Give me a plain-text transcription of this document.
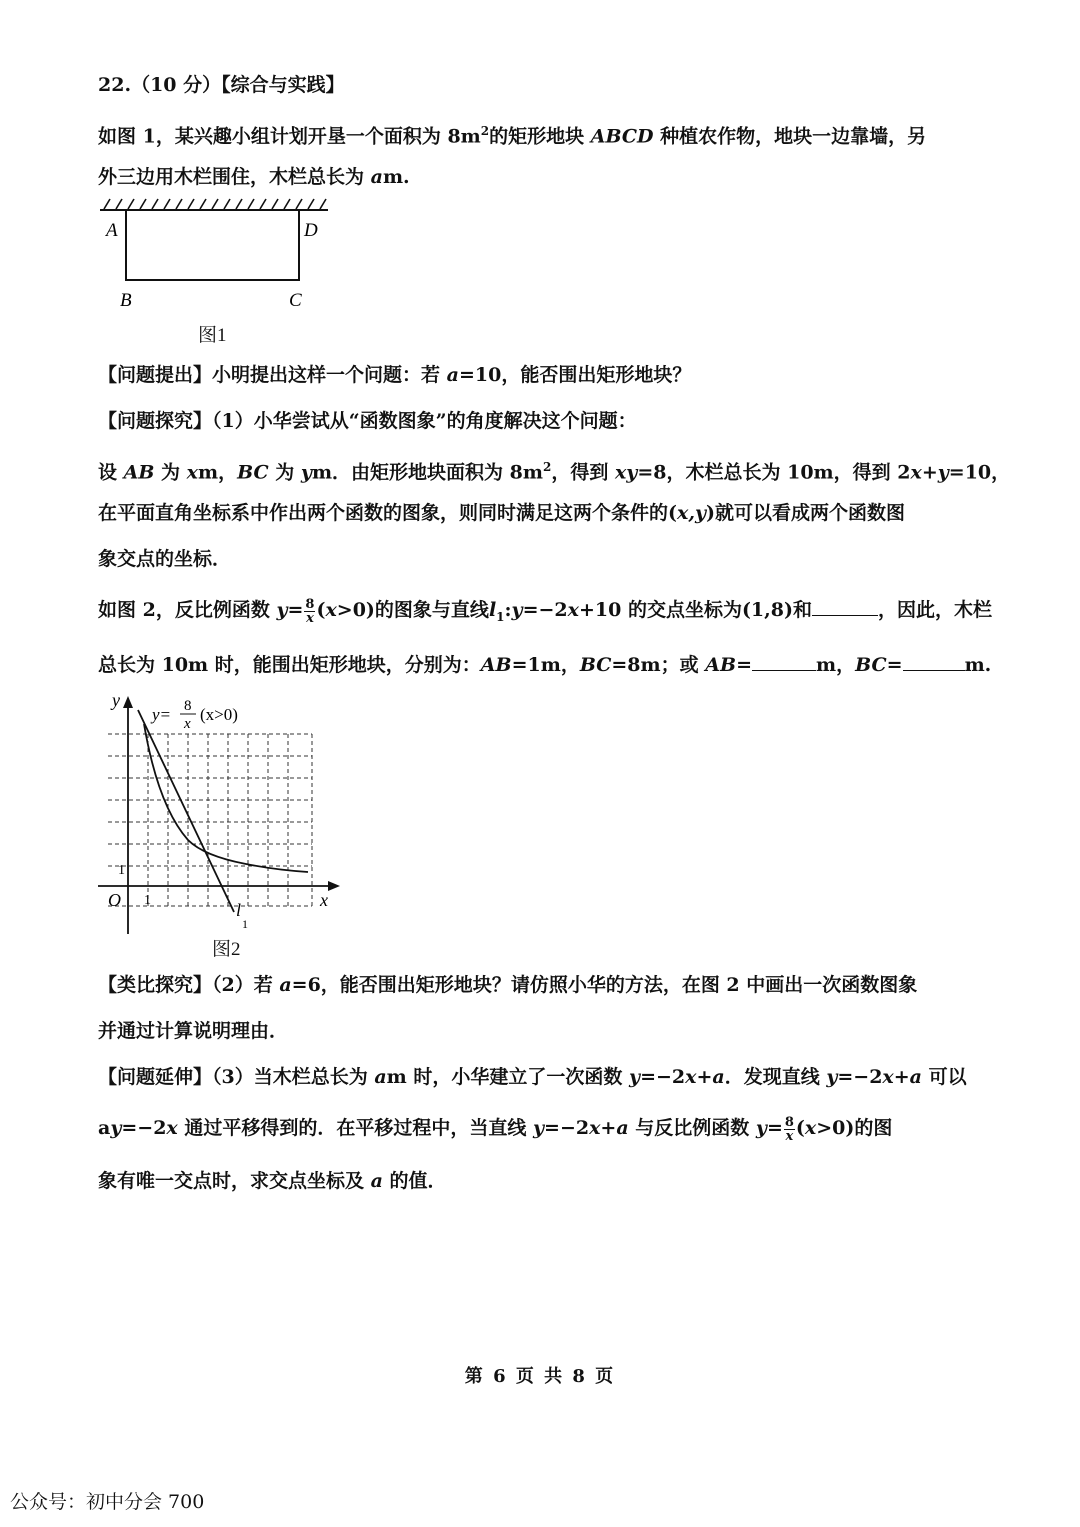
22.（10 分）【综合与实践】
如图 1，某兴趣小组计划开垦一个面积为 $8m^2$的矩形地块 ABCD 种植农作物，地块一边靠墙，另
外三边用木栏围住，木栏总长为 am.
A	D
B	C
图1
【问题提出】小明提出这样一个问题：若 a=10，能否围出矩形地块？
【问题探究】（1）小华尝试从“函数图象”的角度解决这个问题：
设 AB 为 xm，BC 为 ym．由矩形地块面积为 $8m^2$，得到 xy=8，木栏总长为 10m，得到 2x+y=10，
在平面直角坐标系中作出两个函数的图象，则同时满足这两个条件的(x,y)就可以看成两个函数图
象交点的坐标．
如图 2，反比例函数 $y= \frac{8}{x} (x>0)$的图象与直线$l_1:y=-2x+10$ 的交点坐标为(1,8)和	，因此，木栏
总长为 10m 时，能围出矩形地块，分别为：AB=1m，BC=8m；或 AB=	m，BC=	m.
y
x
O 1
1
l
1
y= 8
x (x>0)
图2
【类比探究】（2）若 a=6，能否围出矩形地块？请仿照小华的方法，在图 2 中画出一次函数图象
并通过计算说明理由．
【问题延伸】（3）当木栏总长为 am 时，小华建立了一次函数 y=−2x+a．发现直线 y=−2x+a 可以
ay=−2x 通过平移得到的．在平移过程中，当直线 y=−2x+a 与反比例函数 $y= \frac{8}{x} (x>0)$的图
象有唯一交点时，求交点坐标及 a 的值．
第 6 页 共 8 页
公众号：初中分会 700
